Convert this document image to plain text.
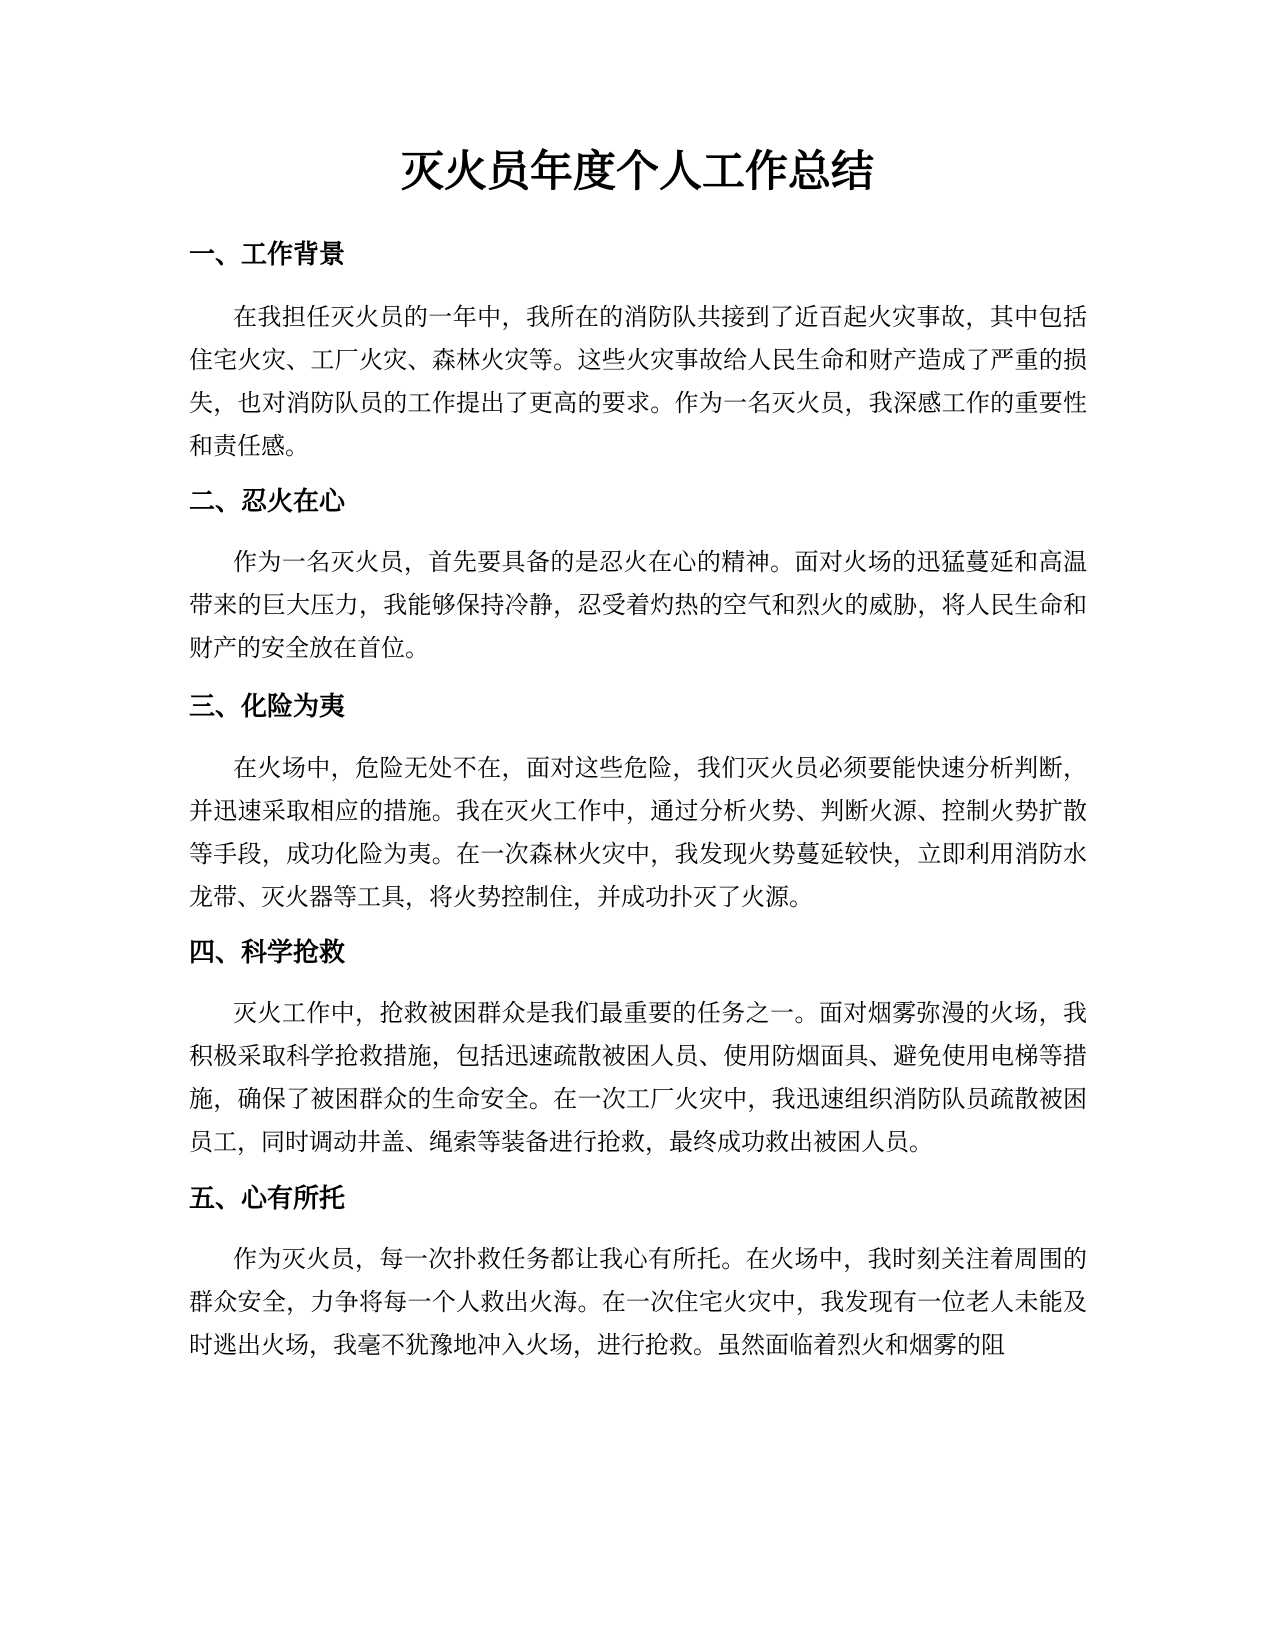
灭火员年度个人工作总结
一、工作背景

在我担任灭火员的一年中，我所在的消防队共接到了近百起火灾事故，其中包括住宅火灾、工厂火灾、森林火灾等。这些火灾事故给人民生命和财产造成了严重的损失，也对消防队员的工作提出了更高的要求。作为一名灭火员，我深感工作的重要性和责任感。

二、忍火在心

作为一名灭火员，首先要具备的是忍火在心的精神。面对火场的迅猛蔓延和高温带来的巨大压力，我能够保持冷静，忍受着灼热的空气和烈火的威胁，将人民生命和财产的安全放在首位。

三、化险为夷

在火场中，危险无处不在，面对这些危险，我们灭火员必须要能快速分析判断，并迅速采取相应的措施。我在灭火工作中，通过分析火势、判断火源、控制火势扩散等手段，成功化险为夷。在一次森林火灾中，我发现火势蔓延较快，立即利用消防水龙带、灭火器等工具，将火势控制住，并成功扑灭了火源。

四、科学抢救

灭火工作中，抢救被困群众是我们最重要的任务之一。面对烟雾弥漫的火场，我积极采取科学抢救措施，包括迅速疏散被困人员、使用防烟面具、避免使用电梯等措施，确保了被困群众的生命安全。在一次工厂火灾中，我迅速组织消防队员疏散被困员工，同时调动井盖、绳索等装备进行抢救，最终成功救出被困人员。

五、心有所托

作为灭火员，每一次扑救任务都让我心有所托。在火场中，我时刻关注着周围的群众安全，力争将每一个人救出火海。在一次住宅火灾中，我发现有一位老人未能及时逃出火场，我毫不犹豫地冲入火场，进行抢救。虽然面临着烈火和烟雾的阻
